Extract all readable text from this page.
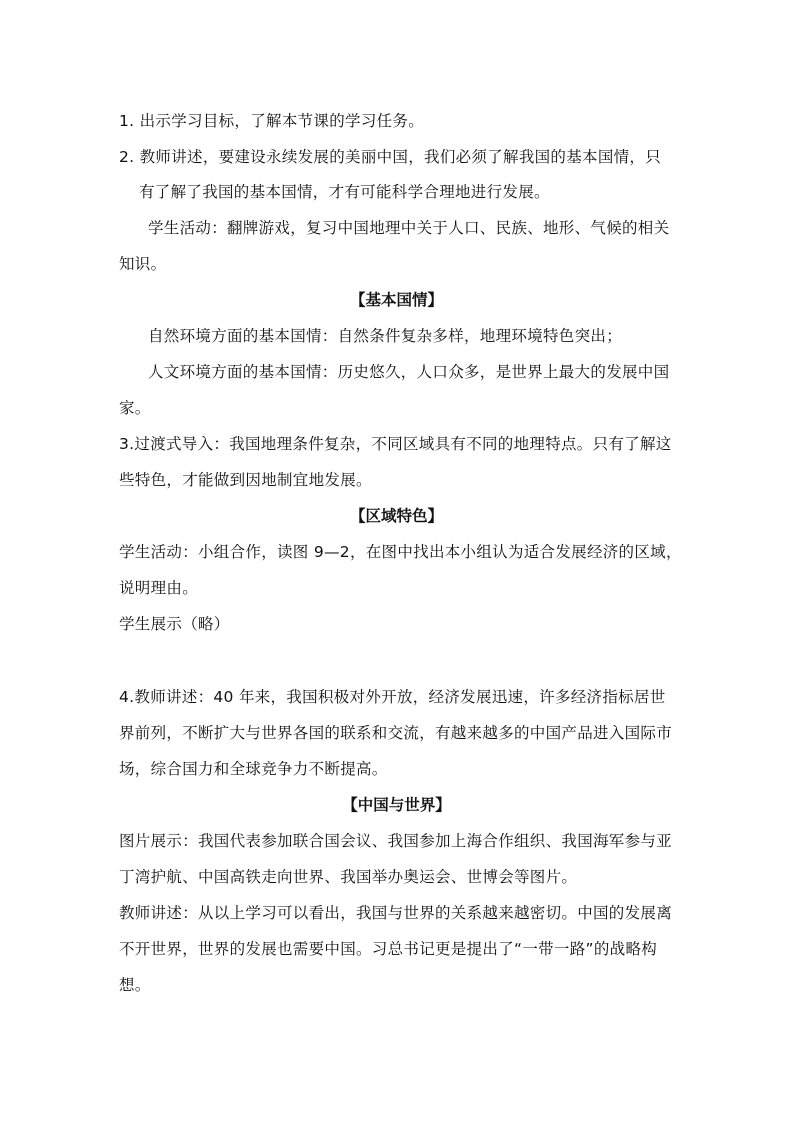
1. 出示学习目标，了解本节课的学习任务。
2. 教师讲述，要建设永续发展的美丽中国，我们必须了解我国的基本国情，只
有了解了我国的基本国情，才有可能科学合理地进行发展。
学生活动：翻牌游戏，复习中国地理中关于人口、民族、地形、气候的相关
知识。
【基本国情】
自然环境方面的基本国情：自然条件复杂多样，地理环境特色突出；
人文环境方面的基本国情：历史悠久，人口众多，是世界上最大的发展中国
家。
3.过渡式导入：我国地理条件复杂，不同区域具有不同的地理特点。只有了解这
些特色，才能做到因地制宜地发展。
【区域特色】
学生活动：小组合作，读图 9—2，在图中找出本小组认为适合发展经济的区域，
说明理由。
学生展示（略）
4.教师讲述：40 年来，我国积极对外开放，经济发展迅速，许多经济指标居世
界前列，不断扩大与世界各国的联系和交流，有越来越多的中国产品进入国际市
场，综合国力和全球竞争力不断提高。
【中国与世界】
图片展示：我国代表参加联合国会议、我国参加上海合作组织、我国海军参与亚
丁湾护航、中国高铁走向世界、我国举办奥运会、世博会等图片。
教师讲述：从以上学习可以看出，我国与世界的关系越来越密切。中国的发展离
不开世界，世界的发展也需要中国。习总书记更是提出了“一带一路”的战略构
想。
